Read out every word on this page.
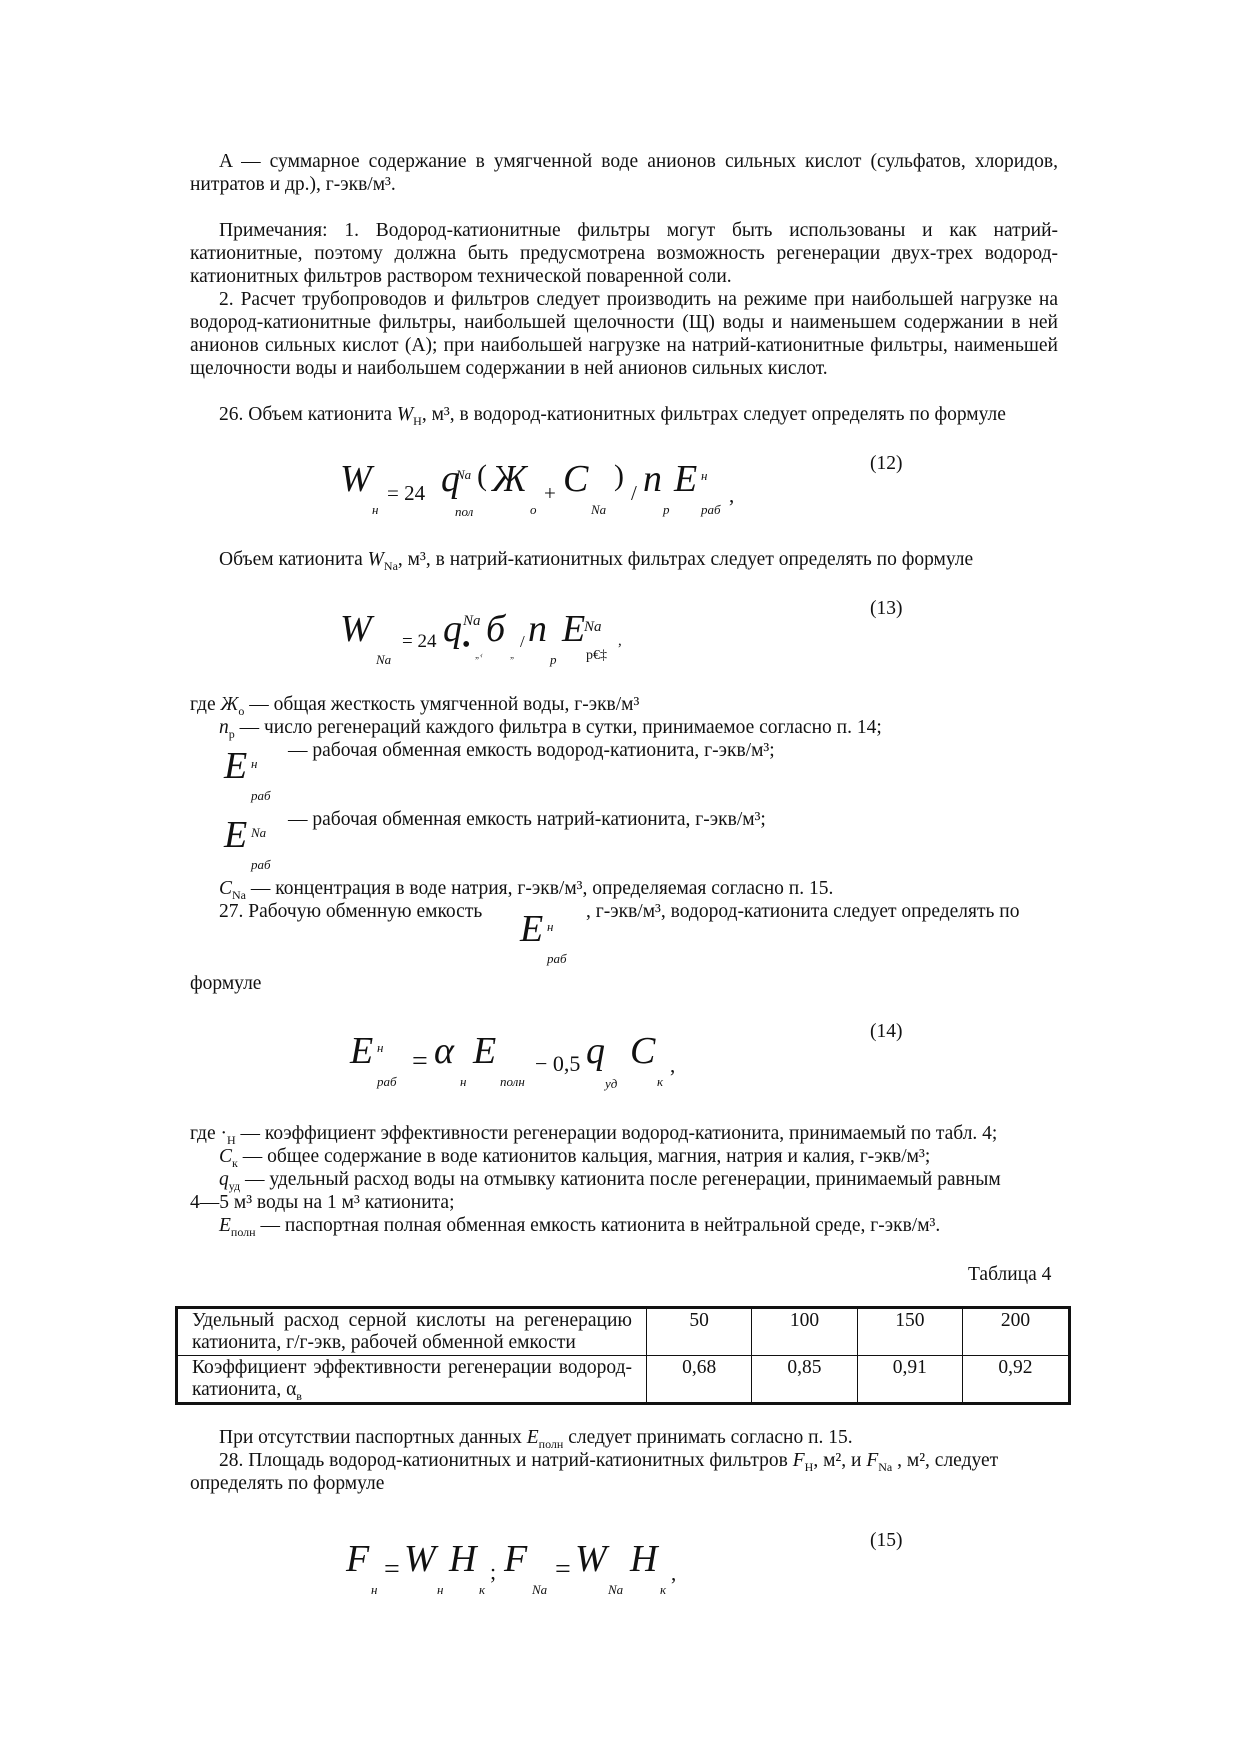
A — суммарное содержание в умягченной воде анионов сильных кислот (сульфатов, хлоридов, нитратов и др.), г-экв/м³.
Примечания: 1. Водород-катионитные фильтры могут быть использованы и как натрий-катионитные, поэтому должна быть предусмотрена возможность регенерации двух-трех водород-катионитных фильтров раствором технической поваренной соли.
2. Расчет трубопроводов и фильтров следует производить на режиме при наибольшей нагрузке на водород-катионитные фильтры, наибольшей щелочности (Щ) воды и наименьшем содержании в ней анионов сильных кислот (А); при наибольшей нагрузке на натрий-катионитные фильтры, наименьшей щелочности воды и наибольшем содержании в ней анионов сильных кислот.
26. Объем катионита $W_Н$, м³, в водород-катионитных фильтрах следует определять по формуле
(12)
W
н
= 24 q
Na
пол
( Ж
о
+ C
Na
)
/ n
р
E н
раб
,
Объем катионита $W_{Na}$, м³, в натрий-катионитных фильтрах следует определять по формуле
(13)
W
Na
= 24 q Na
• „‹
б
„
/ n
р
E
Na
р€‡
,
где $Ж_о$ — общая жесткость умягченной воды, г-экв/м³
$n_р$ — число регенераций каждого фильтра в сутки, принимаемое согласно п. 14;
— рабочая обменная емкость водород-катионита, г-экв/м³;
E н
раб
— рабочая обменная емкость натрий-катионита, г-экв/м³;
E Na
раб
$C_{Na}$ — концентрация в воде натрия, г-экв/м³, определяемая согласно п. 15.
27. Рабочую обменную емкость	, г-экв/м³, водород-катионита следует определять по
E н
раб
формуле
(14)
E н
раб
= α
н
E
полн
− 0,5 q
уд
C
к
,
где $\cdot_Н$ — коэффициент эффективности регенерации водород-катионита, принимаемый по табл. 4;
$C_к$ — общее содержание в воде катионитов кальция, магния, натрия и калия, г-экв/м³;
$q_{уд}$ — удельный расход воды на отмывку катионита после регенерации, принимаемый равным
4—5 м³ воды на 1 м³ катионита;
$E_{полн}$ — паспортная полная обменная емкость катионита в нейтральной среде, г-экв/м³.
Таблица 4
Удельный расход серной кислоты на регенерацию катионита, г/г-экв, рабочей обменной емкости	50	100	150	200
Коэффициент эффективности регенерации водород-катионита, $\alpha_в$	0,68	0,85	0,91	0,92
При отсутствии паспортных данных $E_{полн}$ следует принимать согласно п. 15.
28. Площадь водород-катионитных и натрий-катионитных фильтров $F_Н$, м², и $F_{Na}$ , м², следует
определять по формуле
(15)
F
н
= W
н
H
к
; F
Na
= W
Na
H
к
,
